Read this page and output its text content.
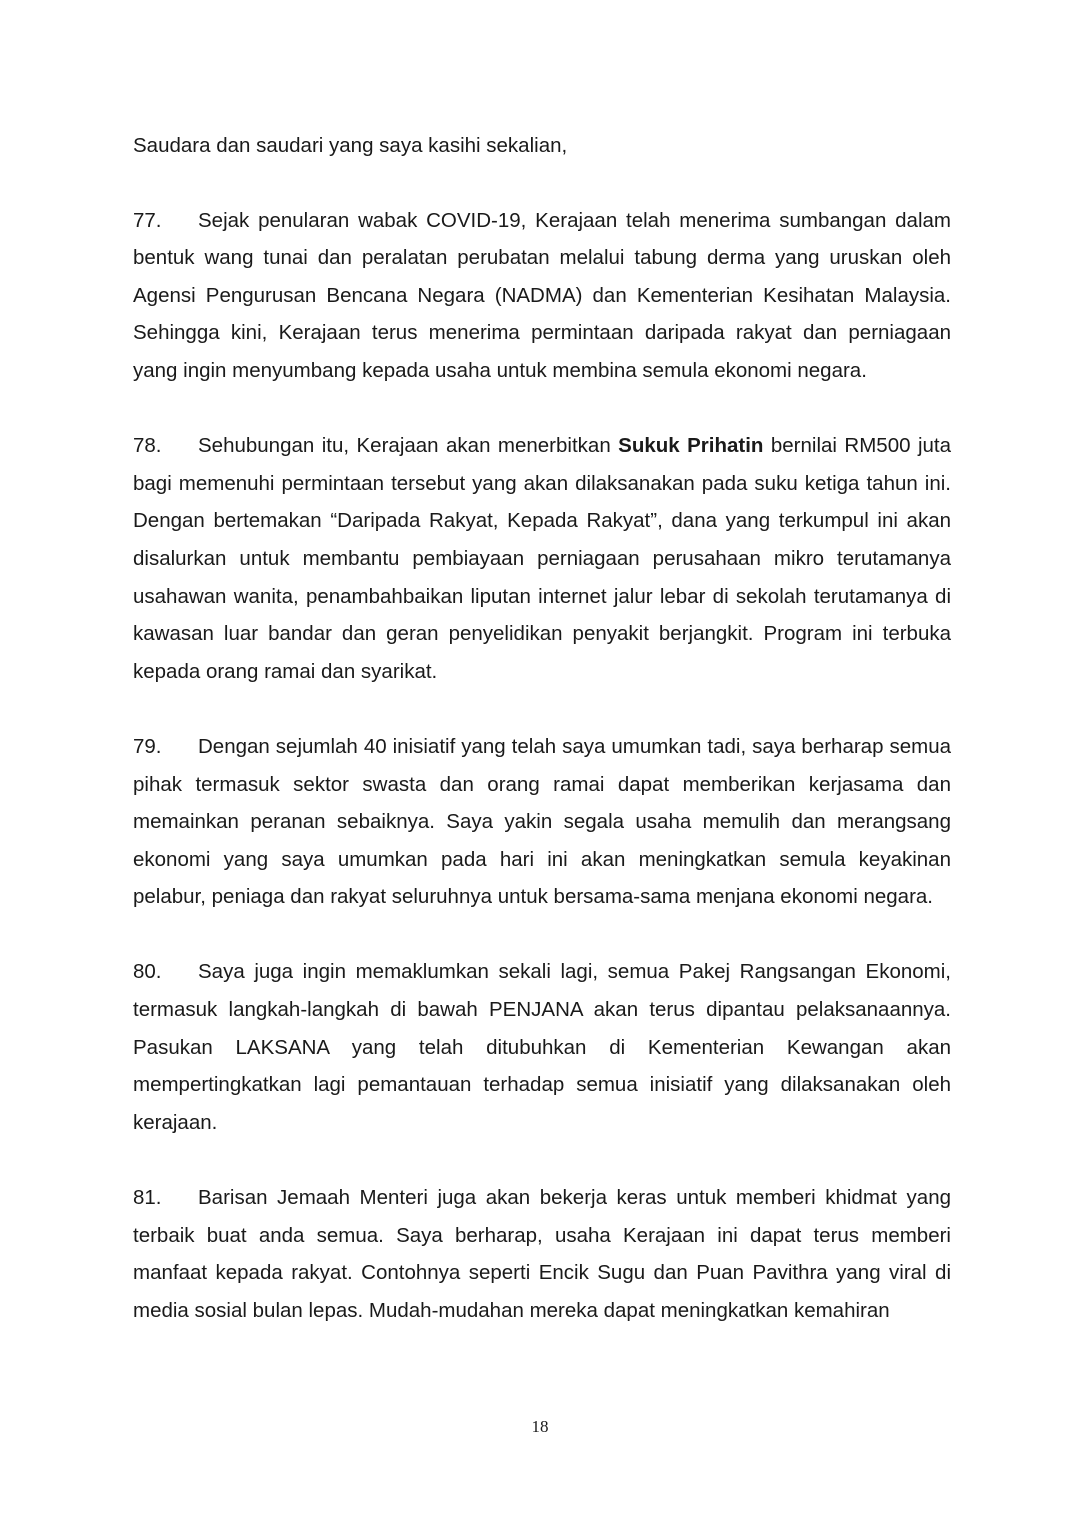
Saudara dan saudari yang saya kasihi sekalian,

77. Sejak penularan wabak COVID-19, Kerajaan telah menerima sumbangan dalam bentuk wang tunai dan peralatan perubatan melalui tabung derma yang uruskan oleh Agensi Pengurusan Bencana Negara (NADMA) dan Kementerian Kesihatan Malaysia. Sehingga kini, Kerajaan terus menerima permintaan daripada rakyat dan perniagaan yang ingin menyumbang kepada usaha untuk membina semula ekonomi negara.

78. Sehubungan itu, Kerajaan akan menerbitkan Sukuk Prihatin bernilai RM500 juta bagi memenuhi permintaan tersebut yang akan dilaksanakan pada suku ketiga tahun ini. Dengan bertemakan “Daripada Rakyat, Kepada Rakyat”, dana yang terkumpul ini akan disalurkan untuk membantu pembiayaan perniagaan perusahaan mikro terutamanya usahawan wanita, penambahbaikan liputan internet jalur lebar di sekolah terutamanya di kawasan luar bandar dan geran penyelidikan penyakit berjangkit. Program ini terbuka kepada orang ramai dan syarikat.

79. Dengan sejumlah 40 inisiatif yang telah saya umumkan tadi, saya berharap semua pihak termasuk sektor swasta dan orang ramai dapat memberikan kerjasama dan memainkan peranan sebaiknya. Saya yakin segala usaha memulih dan merangsang ekonomi yang saya umumkan pada hari ini akan meningkatkan semula keyakinan pelabur, peniaga dan rakyat seluruhnya untuk bersama-sama menjana ekonomi negara.

80. Saya juga ingin memaklumkan sekali lagi, semua Pakej Rangsangan Ekonomi, termasuk langkah-langkah di bawah PENJANA akan terus dipantau pelaksanaannya. Pasukan LAKSANA yang telah ditubuhkan di Kementerian Kewangan akan mempertingkatkan lagi pemantauan terhadap semua inisiatif yang dilaksanakan oleh kerajaan.

81. Barisan Jemaah Menteri juga akan bekerja keras untuk memberi khidmat yang terbaik buat anda semua. Saya berharap, usaha Kerajaan ini dapat terus memberi manfaat kepada rakyat. Contohnya seperti Encik Sugu dan Puan Pavithra yang viral di media sosial bulan lepas. Mudah-mudahan mereka dapat meningkatkan kemahiran

18
